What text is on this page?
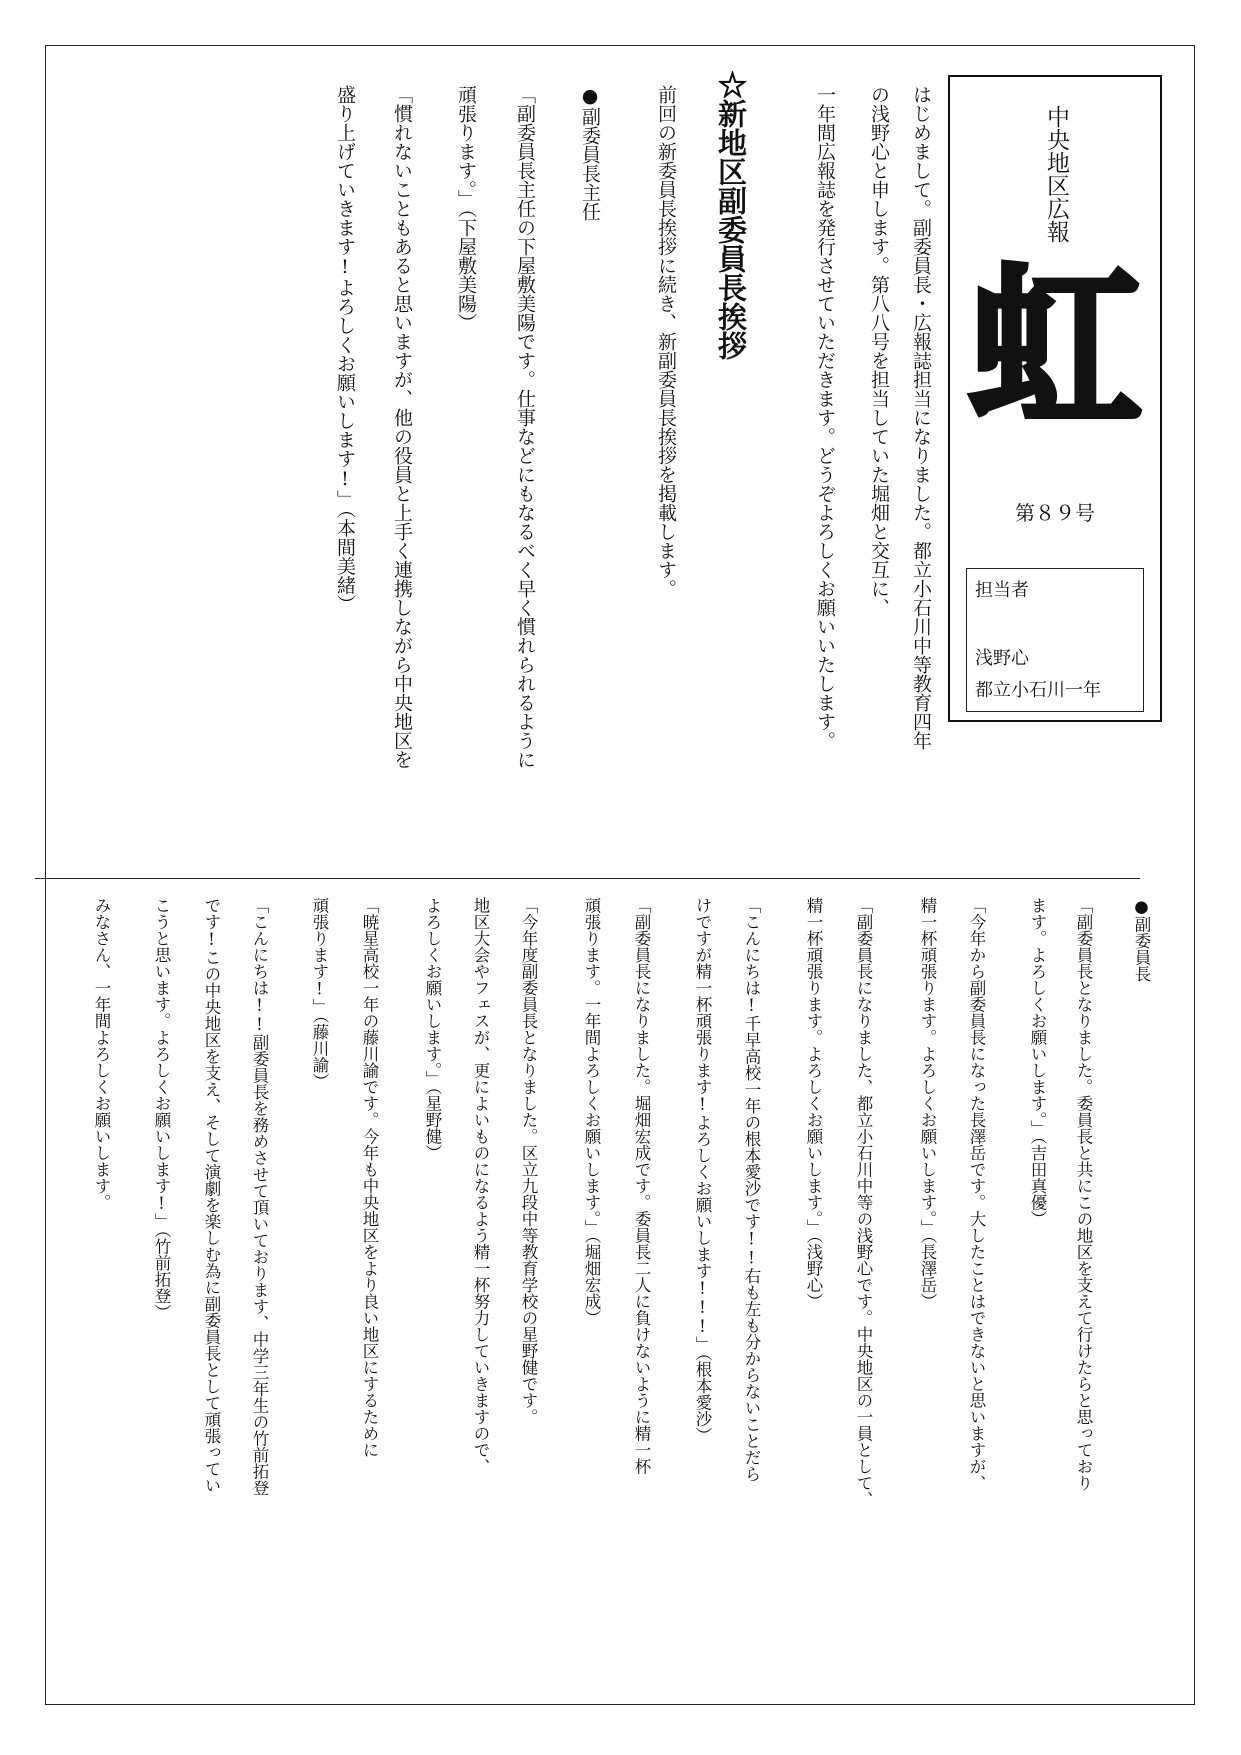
中央地区広報
虹
第８９号
担当者
浅野心
都立小石川一年
はじめまして。副委員長・広報誌担当になりました。都立小石川中等教育四年
の浅野心と申します。第八八号を担当していた堀畑と交互に、
一年間広報誌を発行させていただきます。どうぞよろしくお願いいたします。
☆新地区副委員長挨拶
前回の新委員長挨拶に続き、新副委員長挨拶を掲載します。
●副委員長主任
「副委員長主任の下屋敷美陽です。仕事などにもなるべく早く慣れられるように
頑張ります。」（下屋敷美陽）
「慣れないこともあると思いますが、他の役員と上手く連携しながら中央地区を
盛り上げていきます!よろしくお願いします!」（本間美緒）
●副委員長
「副委員長となりました。委員長と共にこの地区を支えて行けたらと思っており
ます。よろしくお願いします。」（吉田真優）
「今年から副委員長になった長澤岳です。大したことはできないと思いますが、
精一杯頑張ります。よろしくお願いします。」（長澤岳）
「副委員長になりました、都立小石川中等の浅野心です。中央地区の一員として、
精一杯頑張ります。よろしくお願いします。」（浅野心）
「こんにちは!千早高校一年の根本愛沙です!!右も左も分からないことだら
けですが精一杯頑張ります!よろしくお願いします!!!」（根本愛沙）
「副委員長になりました。堀畑宏成です。委員長二人に負けないように精一杯
頑張ります。一年間よろしくお願いします。」（堀畑宏成）
「今年度副委員長となりました。区立九段中等教育学校の星野健です。
地区大会やフェスが、更によいものになるよう精一杯努力していきますので、
よろしくお願いします。」（星野健）
「暁星高校一年の藤川諭です。今年も中央地区をより良い地区にするために
頑張ります!」（藤川諭）
「こんにちは!!副委員長を務めさせて頂いております、中学三年生の竹前拓登
です!この中央地区を支え、そして演劇を楽しむ為に副委員長として頑張ってい
こうと思います。よろしくお願いします!」（竹前拓登）
みなさん、一年間よろしくお願いします。
